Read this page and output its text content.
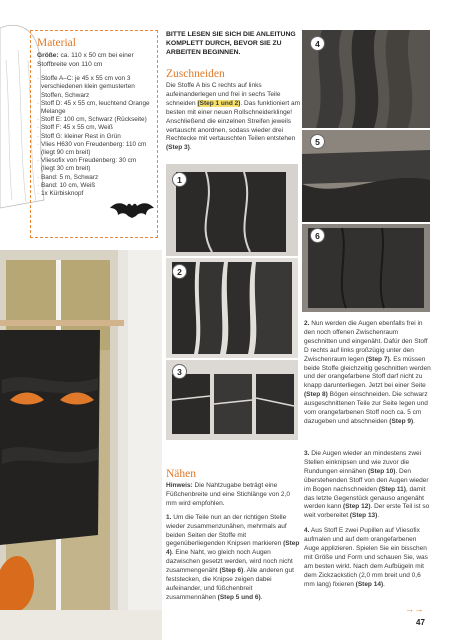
Material
Größe: ca. 110 x 50 cm bei einer Stoffbreite von 110 cm
· Stoffe A–C: je 45 x 55 cm von 3 verschiedenen klein gemusterten Stoffen, Schwarz
· Stoff D: 45 x 55 cm, leuchtend Orange Melange
· Stoff E: 100 cm, Schwarz (Rückseite)
· Stoff F: 45 x 55 cm, Weiß
· Stoff G: kleiner Rest in Grün
· Vlies H630 von Freudenberg: 110 cm (liegt 90 cm breit)
· Vliesofix von Freudenberg: 30 cm (liegt 30 cm breit)
· Band: 5 m, Schwarz
· Band: 10 cm, Weiß
· 1x Kürbisknopf
BITTE LESEN SIE SICH DIE ANLEITUNG KOMPLETT DURCH, BEVOR SIE ZU ARBEITEN BEGINNEN.
Zuschneiden
Die Stoffe A bis C rechts auf links aufeinanderlegen und frei in sechs Teile schneiden (Step 1 und 2). Das funktioniert am besten mit einer neuen Rollschneiderklinge! Anschließend die einzelnen Streifen jeweils vertauscht anordnen, sodass wieder drei Rechtecke mit vertauschten Teilen entstehen (Step 3).
4
5
1
6
2
3
2. Nun werden die Augen ebenfalls frei in den noch offenen Zwischenraum geschnitten und eingenäht. Dafür den Stoff D rechts auf links großzügig unter den Zwischenraum legen (Step 7). Es müssen beide Stoffe gleichzeitig geschnitten werden und der orangefarbene Stoff darf nicht zu knapp darunterliegen. Jetzt bei einer Seite (Step 8) Bögen einschneiden. Die schwarz ausgeschnittenen Teile zur Seite legen und vom orangefarbenen Stoff noch ca. 5 cm dazugeben und abschneiden (Step 9).

3. Die Augen wieder an mindestens zwei Stellen einknipsen und wie zuvor die Rundungen einnähen (Step 10). Den überstehenden Stoff von den Augen wieder im Bogen nachschneiden (Step 11), damit das letzte Gegenstück genauso angenäht werden kann (Step 12). Der erste Teil ist so weit vorbereitet (Step 13).

4. Aus Stoff E zwei Pupillen auf Vliesofix aufmalen und auf dem orangefarbenen Auge applizieren. Spielen Sie ein bisschen mit Größe und Form und schauen Sie, was am besten wirkt. Nach dem Aufbügeln mit dem Zickzackstich (2,0 mm breit und 0,6 mm lang) fixieren (Step 14).

Nähen

Hinweis: Die Nahtzugabe beträgt eine Füßchenbreite und eine Stichlänge von 2,0 mm wird empfohlen.

1. Um die Teile nun an der richtigen Stelle wieder zusammenzunähen, mehrmals auf beiden Seiten der Stoffe mit gegenüberliegenden Knipsen markieren (Step 4). Eine Naht, wo gleich noch Augen dazwischen gesetzt werden, wird noch nicht zusammengenäht (Step 6). Alle anderen gut feststecken, die Knipse zeigen dabei aufeinander, und füßchenbreit zusammennähen (Step 5 und 6).

→ →
47
